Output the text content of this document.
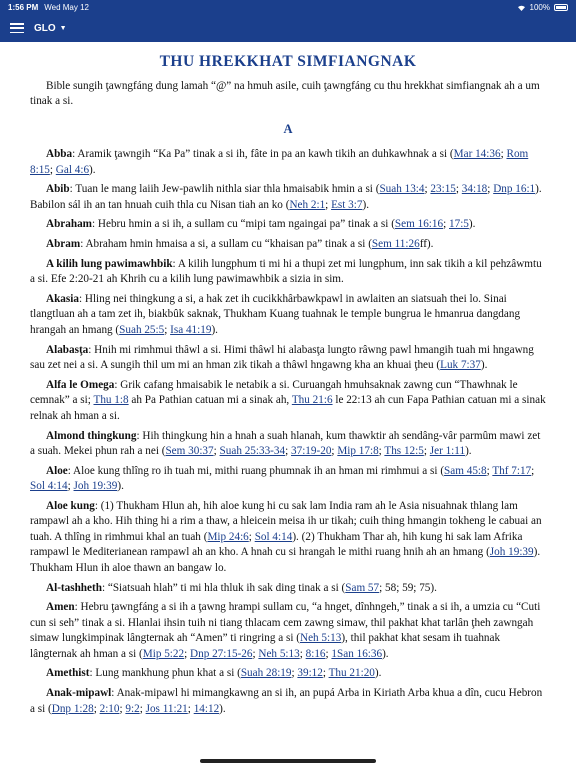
1:56 PM Wed May 12	100%
GLO ▼
THU HREKKHAT SIMFIANGNAK

Bible sungih ţawngfáng dung lamah “@” na hmuh asile, cuih ţawngfáng cu thu hrekkhat simfiangnak ah a um tinak a si.

A

Abba: Aramik ţawngih “Ka Pa” tinak a si ih, fâte in pa an kawh tikih an duhkawhnak a si (Mar 14:36; Rom 8:15; Gal 4:6).

Abib: Tuan le mang laiih Jew-pawlih nithla siar thla hmaisabik hmin a si (Suah 13:4; 23:15; 34:18; Dnp 16:1). Babilon sál ih an tan hnuah cuih thla cu Nisan tiah an ko (Neh 2:1; Est 3:7).

Abraham: Hebru hmin a si ih, a sullam cu “mipi tam ngaingai pa” tinak a si (Sem 16:16; 17:5).

Abram: Abraham hmin hmaisa a si, a sullam cu “khaisan pa” tinak a si (Sem 11:26ff).

A kilih lung pawimawhbik: A kilih lungphum ti mi hi a thupi zet mi lungphum, inn sak tikih a kil pehzâwmtu a si. Efe 2:20-21 ah Khrih cu a kilih lung pawimawhbik a sizia in sim.

Akasia: Hling nei thingkung a si, a hak zet ih cucikkhârbawkpawl in awlaiten an siatsuah thei lo. Sinai tlangtluan ah a tam zet ih, biakbûk saknak, Thukham Kuang tuahnak le temple bungrua le hmanrua dangdang hrangah an hmang (Suah 25:5; Isa 41:19).

Alabasţa: Hnih mi rimhmui thâwl a si. Himi thâwl hi alabasţa lungto râwng pawl hmangih tuah mi hngawng sau zet nei a si. A sungih thil um mi an hman zik tikah a thâwl hngawng kha an khuai ţheu (Luk 7:37).

Alfa le Omega: Grik cafang hmaisabik le netabik a si. Curuangah hmuhsaknak zawng cun “Thawhnak le cemnak” a si; Thu 1:8 ah Pa Pathian catuan mi a sinak ah, Thu 21:6 le 22:13 ah cun Fapa Pathian catuan mi a sinak relnak ah hman a si.

Almond thingkung: Hih thingkung hin a hnah a suah hlanah, kum thawktir ah sendâng-vâr parmûm mawi zet a suah. Mekei phun rah a nei (Sem 30:37; Suah 25:33-34; 37:19-20; Mip 17:8; Ths 12:5; Jer 1:11).

Aloe: Aloe kung thlîng ro ih tuah mi, mithi ruang phumnak ih an hman mi rimhmui a si (Sam 45:8; Thf 7:17; Sol 4:14; Joh 19:39).

Aloe kung: (1) Thukham Hlun ah, hih aloe kung hi cu sak lam India ram ah le Asia nisuahnak thlang lam rampawl ah a kho. Hih thing hi a rim a thaw, a hleicein meisa ih ur tikah; cuih thing hmangin tokheng le cabuai an tuah. A thlîng in rimhmui khal an tuah (Mip 24:6; Sol 4:14). (2) Thukham Thar ah, hih kung hi sak lam Afrika rampawl le Mediterianean rampawl ah an kho. A hnah cu si hrangah le mithi ruang hnih ah an hmang (Joh 19:39). Thukham Hlun ih aloe thawn an bangaw lo.

Al-tashheth: “Siatsuah hlah” ti mi hla thluk ih sak ding tinak a si (Sam 57; 58; 59; 75).

Amen: Hebru ţawngfáng a si ih a ţawng hrampi sullam cu, “a hnget, dînhngeh,” tinak a si ih, a umzia cu “Cuti cun si seh” tinak a si. Hlanlai ihsin tuih ni tiang thlacam cem zawng simaw, thil pakhat khat tarlân ţheh zawngah simaw lungkimpinak lângternak ah “Amen” ti ringring a si (Neh 5:13), thil pakhat khat sesam ih tuahnak lângternak ah hman a si (Mip 5:22; Dnp 27:15-26; Neh 5:13; 8:16; 1San 16:36).

Amethist: Lung mankhung phun khat a si (Suah 28:19; 39:12; Thu 21:20).

Anak-mipawl: Anak-mipawl hi mimangkawng an si ih, an pupá Arba in Kiriath Arba khua a dîn, cucu Hebron a si (Dnp 1:28; 2:10; 9:2; Jos 11:21; 14:12).
